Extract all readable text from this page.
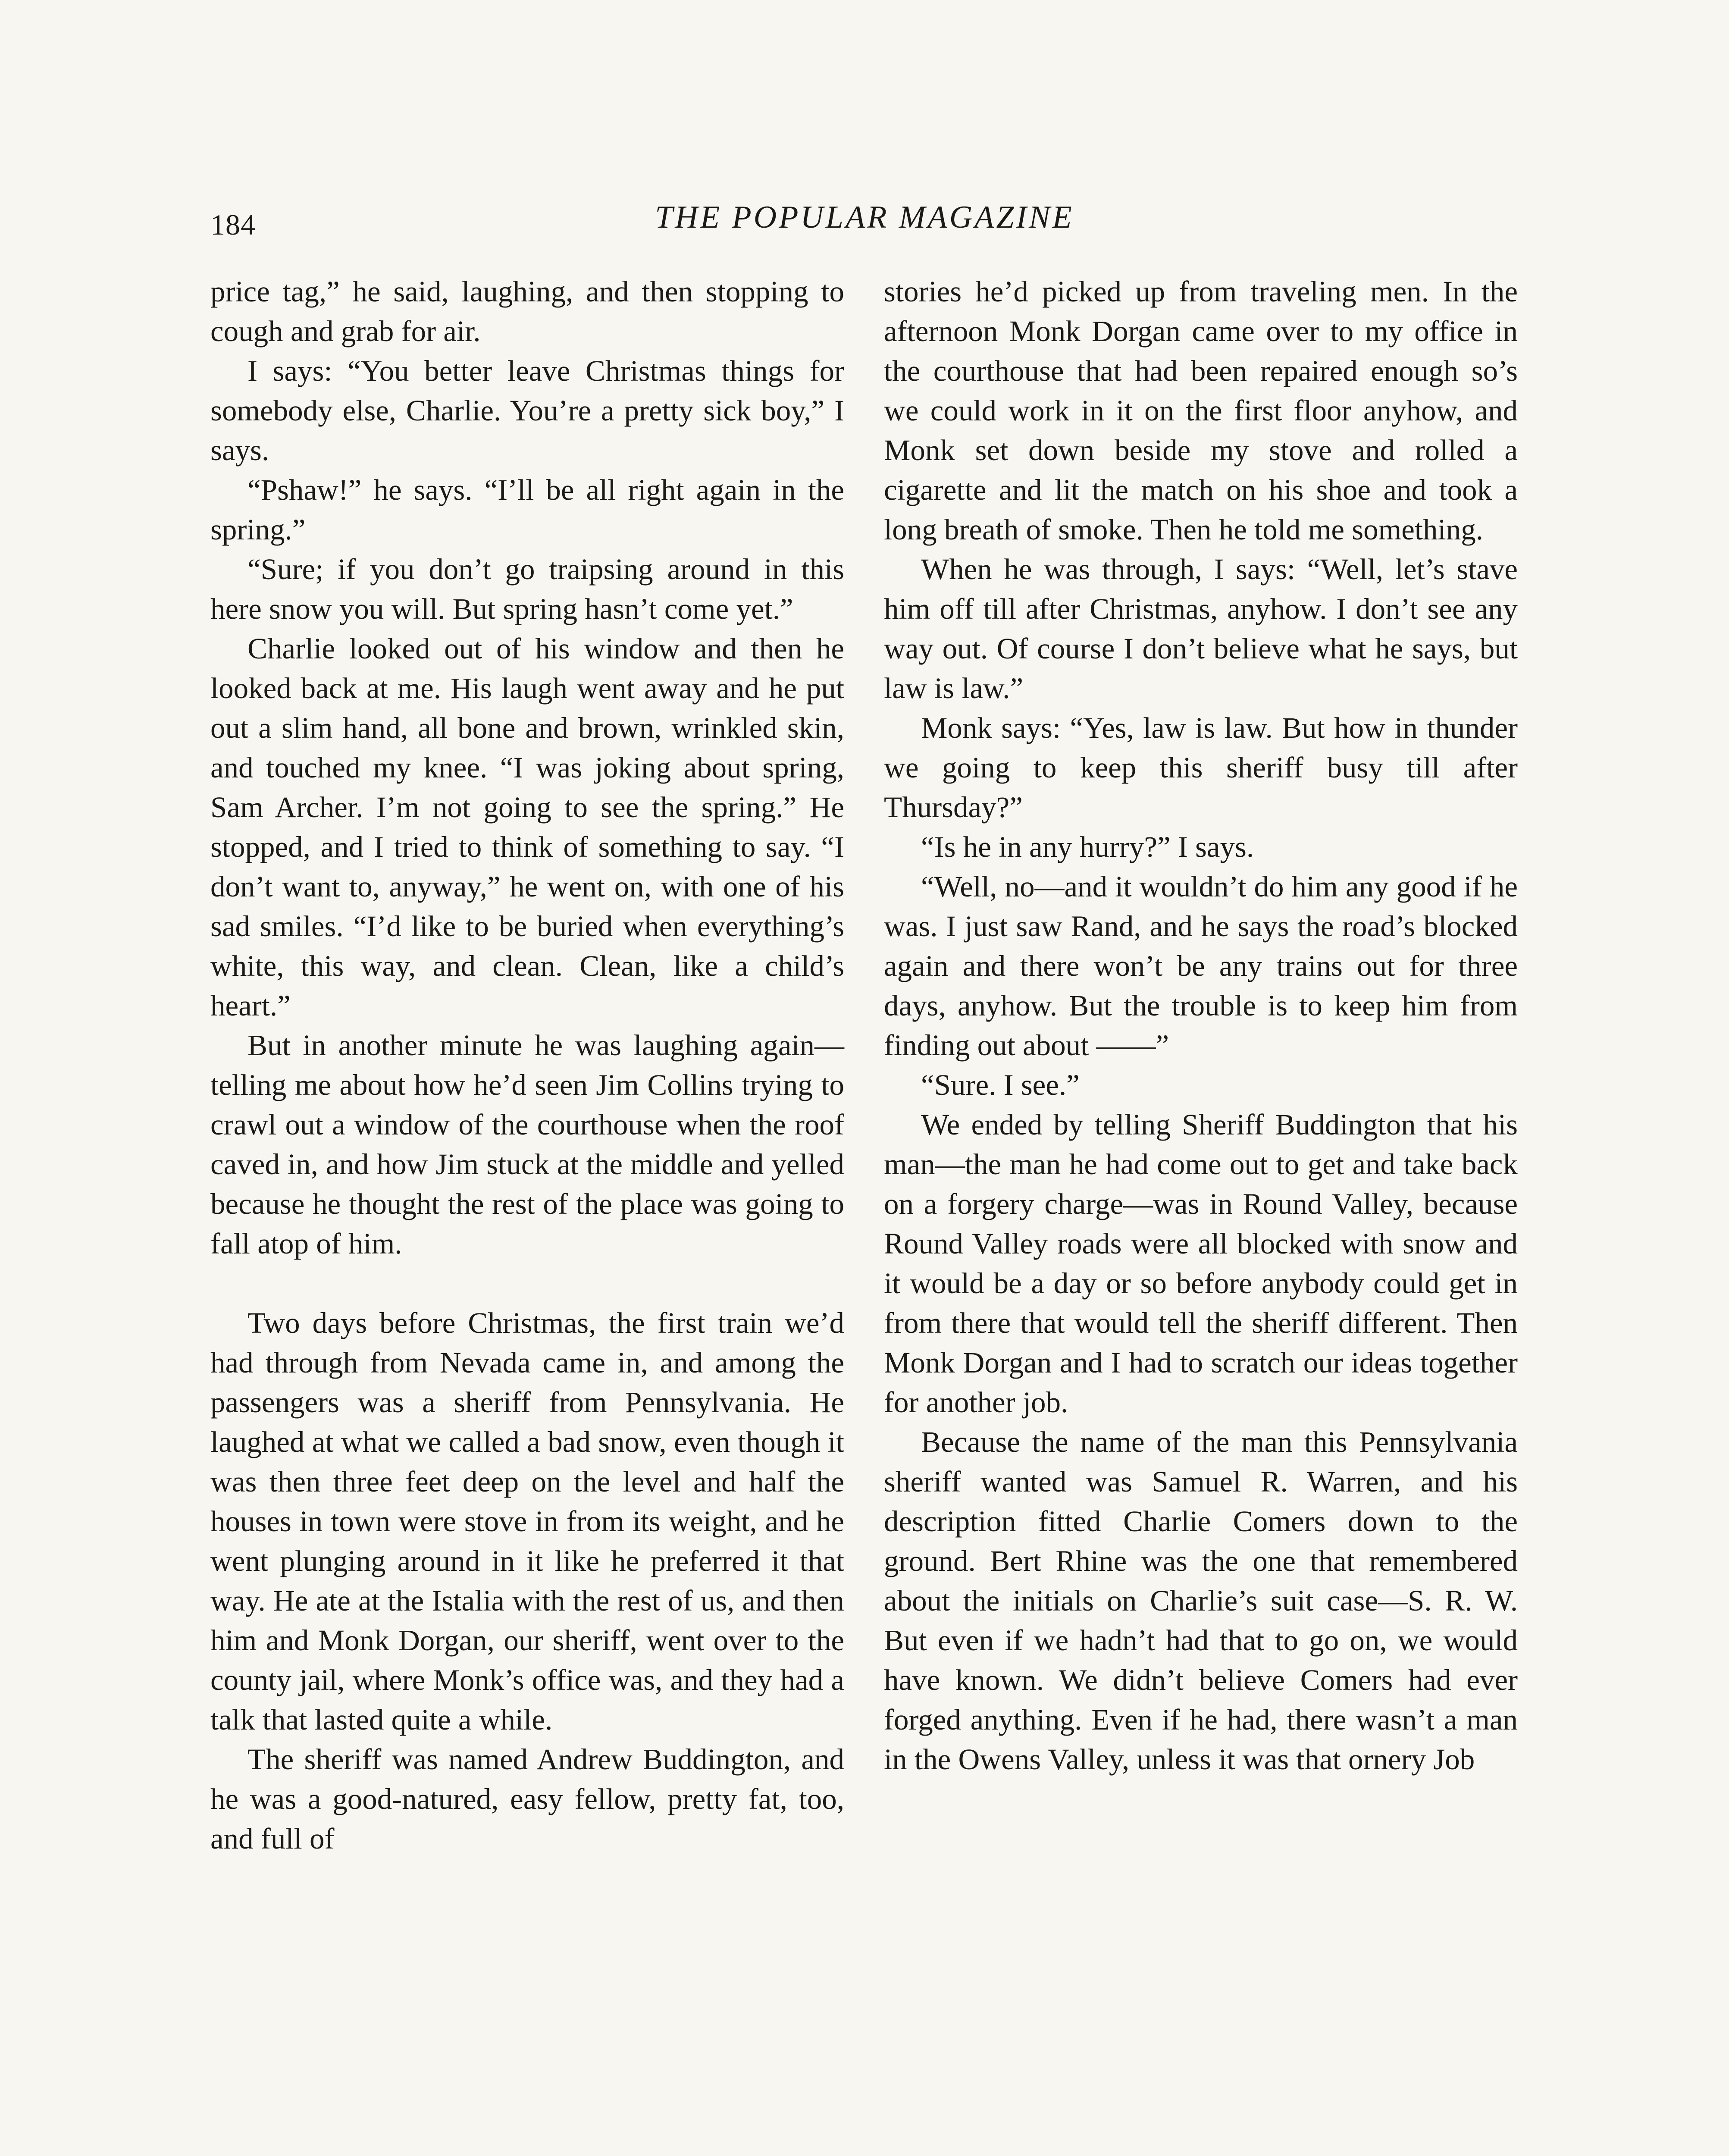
184	THE POPULAR MAGAZINE

price tag,” he said, laughing, and then stopping to cough and grab for air.

I says: “You better leave Christmas things for somebody else, Charlie. You’re a pretty sick boy,” I says.

“Pshaw!” he says. “I’ll be all right again in the spring.”

“Sure; if you don’t go traipsing around in this here snow you will. But spring hasn’t come yet.”

Charlie looked out of his window and then he looked back at me. His laugh went away and he put out a slim hand, all bone and brown, wrinkled skin, and touched my knee. “I was joking about spring, Sam Archer. I’m not going to see the spring.” He stopped, and I tried to think of something to say. “I don’t want to, anyway,” he went on, with one of his sad smiles. “I’d like to be buried when everything’s white, this way, and clean. Clean, like a child’s heart.”

But in another minute he was laughing again—telling me about how he’d seen Jim Collins trying to crawl out a window of the courthouse when the roof caved in, and how Jim stuck at the middle and yelled because he thought the rest of the place was going to fall atop of him.

Two days before Christmas, the first train we’d had through from Nevada came in, and among the passengers was a sheriff from Pennsylvania. He laughed at what we called a bad snow, even though it was then three feet deep on the level and half the houses in town were stove in from its weight, and he went plunging around in it like he preferred it that way. He ate at the Istalia with the rest of us, and then him and Monk Dorgan, our sheriff, went over to the county jail, where Monk’s office was, and they had a talk that lasted quite a while.

The sheriff was named Andrew Buddington, and he was a good-natured, easy fellow, pretty fat, too, and full of

stories he’d picked up from traveling men. In the afternoon Monk Dorgan came over to my office in the courthouse that had been repaired enough so’s we could work in it on the first floor anyhow, and Monk set down beside my stove and rolled a cigarette and lit the match on his shoe and took a long breath of smoke. Then he told me something.

When he was through, I says: “Well, let’s stave him off till after Christmas, anyhow. I don’t see any way out. Of course I don’t believe what he says, but law is law.”

Monk says: “Yes, law is law. But how in thunder we going to keep this sheriff busy till after Thursday?”

“Is he in any hurry?” I says.

“Well, no—and it wouldn’t do him any good if he was. I just saw Rand, and he says the road’s blocked again and there won’t be any trains out for three days, anyhow. But the trouble is to keep him from finding out about ——”

“Sure. I see.”

We ended by telling Sheriff Buddington that his man—the man he had come out to get and take back on a forgery charge—was in Round Valley, because Round Valley roads were all blocked with snow and it would be a day or so before anybody could get in from there that would tell the sheriff different. Then Monk Dorgan and I had to scratch our ideas together for another job.

Because the name of the man this Pennsylvania sheriff wanted was Samuel R. Warren, and his description fitted Charlie Comers down to the ground. Bert Rhine was the one that remembered about the initials on Charlie’s suit case—S. R. W. But even if we hadn’t had that to go on, we would have known. We didn’t believe Comers had ever forged anything. Even if he had, there wasn’t a man in the Owens Valley, unless it was that ornery Job
